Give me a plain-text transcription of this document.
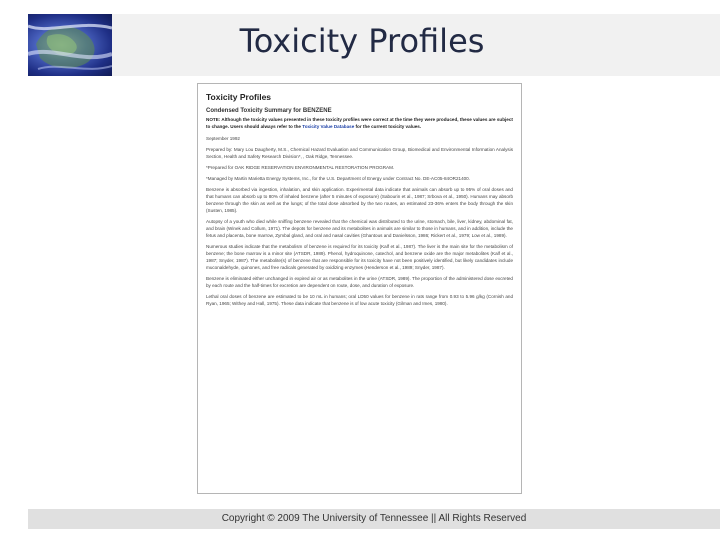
Toxicity Profiles
Toxicity Profiles
Condensed Toxicity Summary for BENZENE
NOTE: Although the toxicity values presented in these toxicity profiles were correct at the time they were produced, these values are subject to change. Users should always refer to the Toxicity Value Database for the current toxicity values.

September 1992

Prepared by: Mary Lou Daugherty, M.S., Chemical Hazard Evaluation and Communication Group, Biomedical and Environmental Information Analysis Section, Health and Safety Research Division*, , Oak Ridge, Tennessee.

*Prepared for OAK RIDGE RESERVATION ENVIRONMENTAL RESTORATION PROGRAM.

*Managed by Martin Marietta Energy Systems, Inc., for the U.S. Department of Energy under Contract No. DE-AC05-84OR21400.

Benzene is absorbed via ingestion, inhalation, and skin application. Experimental data indicate that animals can absorb up to 95% of oral doses and that humans can absorb up to 80% of inhaled benzene (after 5 minutes of exposure) (Sabourin et al., 1987; Srbova et al., 1950). Humans may absorb benzene through the skin as well as the lungs; of the total dose absorbed by the two routes, an estimated 23-36% enters the body through the skin (Susten, 1985).

Autopsy of a youth who died while sniffing benzene revealed that the chemical was distributed to the urine, stomach, bile, liver, kidney, abdominal fat, and brain (Winek and Collum, 1971). The depots for benzene and its metabolites in animals are similar to those in humans, and in addition, include the fetus and placenta, bone marrow, Zymbal gland, and oral and nasal cavities (Ghantous and Danielsson, 1986; Rickert et al., 1979; Low et al., 1989).

Numerous studies indicate that the metabolism of benzene is required for its toxicity (Kalf et al., 1987). The liver is the main site for the metabolism of benzene; the bone marrow is a minor site (ATSDR, 1989). Phenol, hydroquinone, catechol, and benzene oxide are the major metabolites (Kalf et al., 1987; Snyder, 1987). The metabolite(s) of benzene that are responsible for its toxicity have not been positively identified, but likely candidates include muconaldehyde, quinones, and free radicals generated by oxidizing enzymes (Henderson et al., 1989; Snyder, 1987).

Benzene is eliminated either unchanged in expired air or as metabolites in the urine (ATSDR, 1989). The proportion of the administered dose excreted by each route and the half-times for excretion are dependent on route, dose, and duration of exposure.

Lethal oral doses of benzene are estimated to be 10 mL in humans; oral LD50 values for benzene in rats range from 0.93 to 5.96 g/kg (Cornish and Ryan, 1965; Withey and Hall, 1975). These data indicate that benzene is of low acute toxicity (Gilman and Imes, 1980).

Copyright © 2009 The University of Tennessee || All Rights Reserved
